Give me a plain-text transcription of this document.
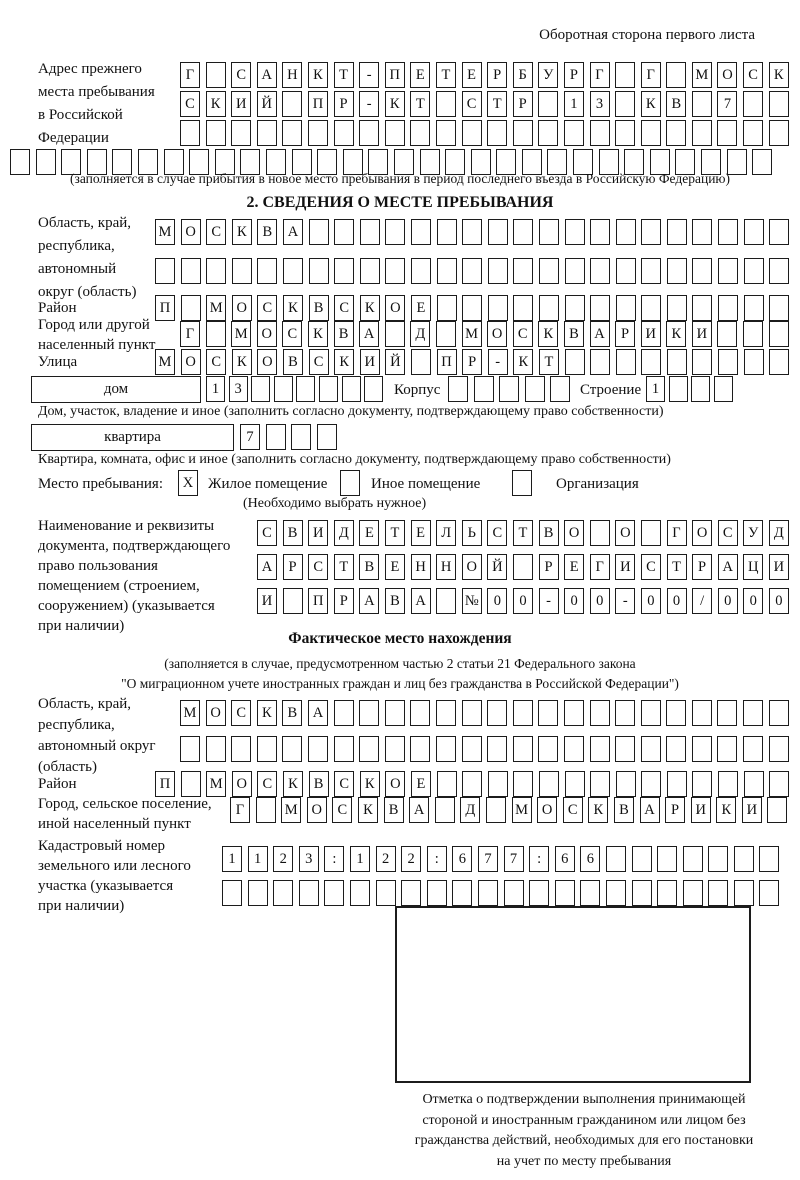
Оборотная сторона первого листа
Адрес прежнего
места пребывания
в Российской
Федерации
Г	С	А	Н	К	Т	-	П	Е	Т	Е	Р	Б	У	Р	Г	Г	М О	С	К
С	К	И	Й	П	Р	-	К	Т	С	Т	Р	1	3	К	В	7
(заполняется в случае прибытия в новое место пребывания в период последнего въезда в Российскую Федерацию)
2. СВЕДЕНИЯ О МЕСТЕ ПРЕБЫВАНИЯ
Область, край,
республика,
автономный
округ (область)
М О	С	К	В	А
Район	П	М О	С	К	В	С	К	О	Е
Город или другой
населенный пункт
Г	М О	С	К	В	А	Д	М О	С	К	В	А	Р	И	К	И
Улица	М О	С	К	О	В	С	К	И	Й	П	Р	-	К	Т
дом	1	3	Корпус	Строение 1
Дом, участок, владение и иное (заполнить согласно документу, подтверждающему право собственности)
квартира	7
Квартира, комната, офис и иное (заполнить согласно документу, подтверждающему право собственности)
Место пребывания:	X Жилое помещение	Иное помещение	Организация
(Необходимо выбрать нужное)
Наименование и реквизиты
документа, подтверждающего
право пользования
помещением (строением,
сооружением) (указывается
при наличии)
С	В	И	Д	Е	Т	Е	Л	Ь	С	Т	В	О	О	Г	О	С	У	Д
А	Р	С	Т	В	Е	Н	Н	О	Й	Р	Е	Г	И	С	Т	Р	А	Ц	И
И	П	Р	А	В	А	№	0	0	-	0	0	-	0	0	/	0	0	0
Фактическое место нахождения
(заполняется в случае, предусмотренном частью 2 статьи 21 Федерального закона
"О миграционном учете иностранных граждан и лиц без гражданства в Российской Федерации")
Область, край,
республика,
автономный округ
(область)
М О	С	К	В	А
Район	П	М О	С	К	В	С	К	О	Е
Город, сельское поселение,
иной населенный пункт
Г	М О	С	К	В	А	Д	М О	С	К	В	А	Р	И	К	И
Кадастровый номер
земельного или лесного
участка (указывается
при наличии)
1	1	2	3	:	1	2	2	:	6	7	7	:	6	6
Отметка о подтверждении выполнения принимающей
стороной и иностранным гражданином или лицом без
гражданства действий, необходимых для его постановки
на учет по месту пребывания
